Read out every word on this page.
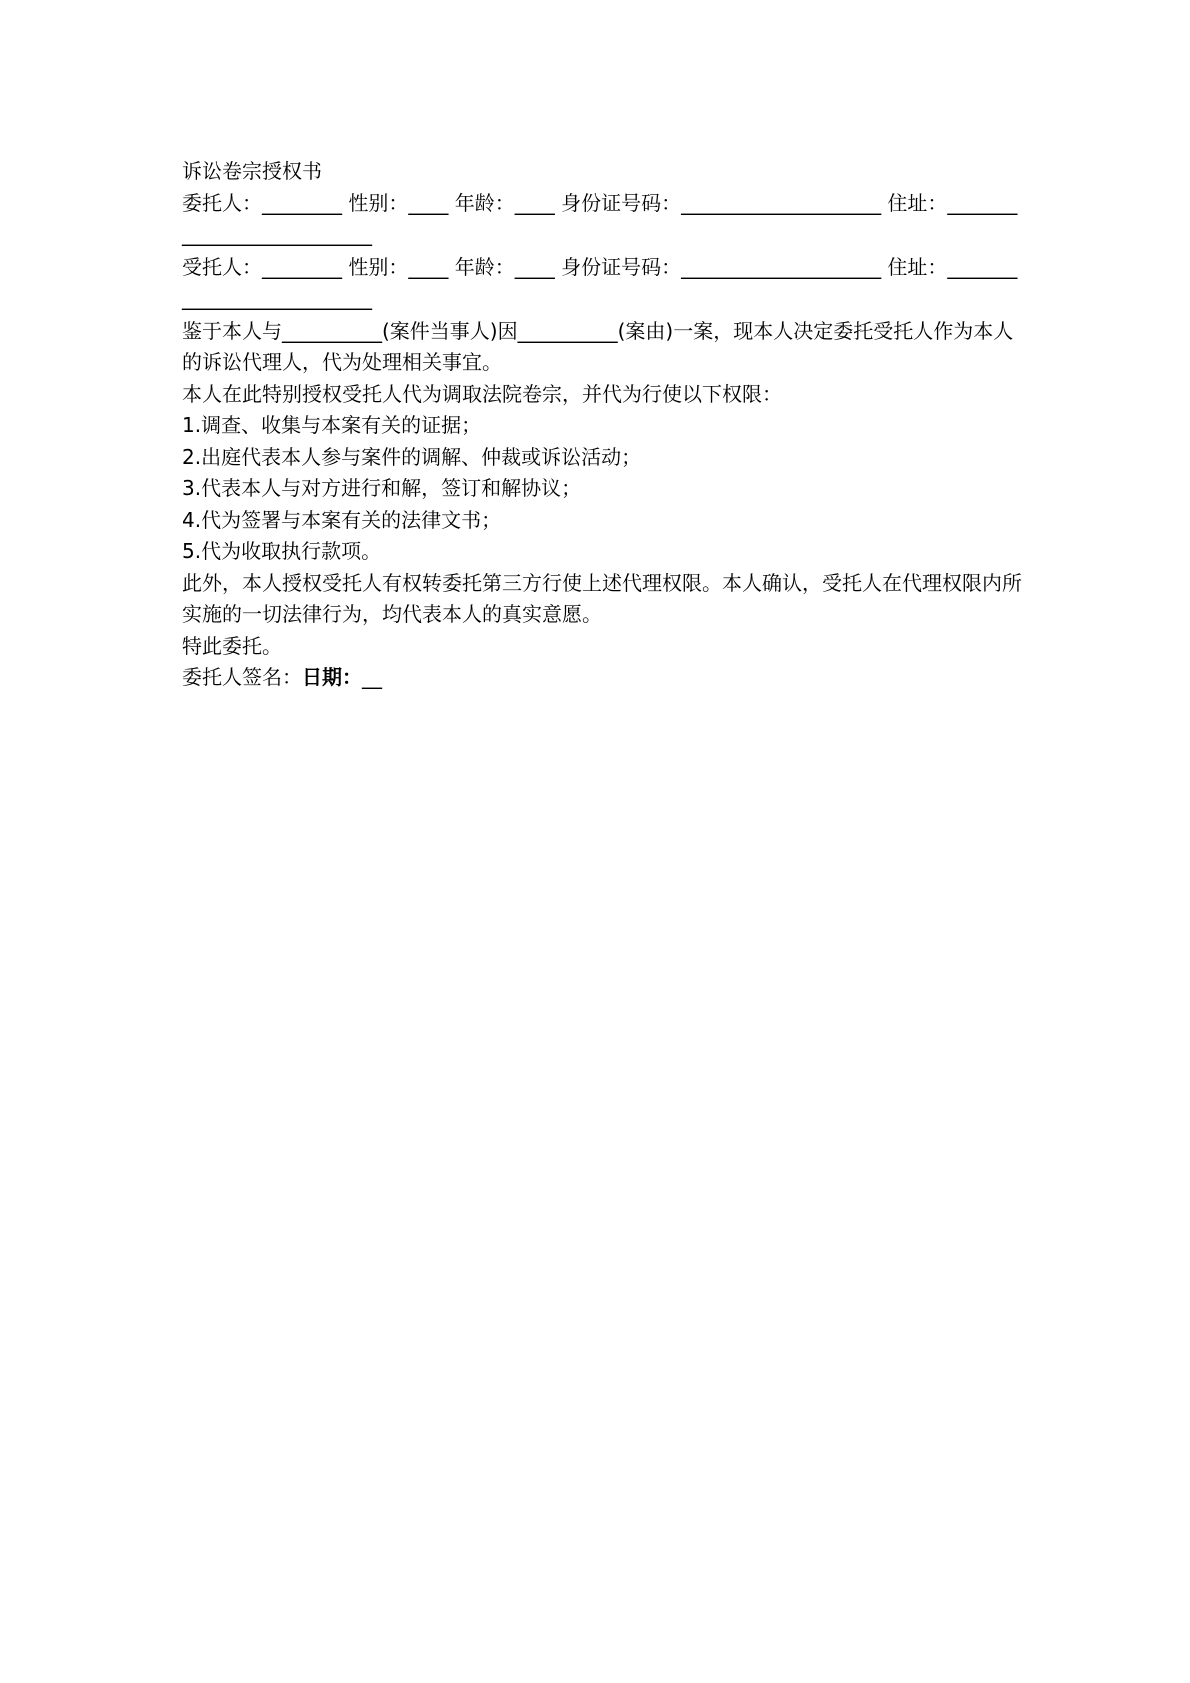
诉讼卷宗授权书

委托人：________ 性别：____ 年龄：____ 身份证号码：____________________ 住址：__________________________

受托人：________ 性别：____ 年龄：____ 身份证号码：____________________ 住址：__________________________

鉴于本人与__________(案件当事人)因__________(案由)一案，现本人决定委托受托人作为本人的诉讼代理人，代为处理相关事宜。

本人在此特别授权受托人代为调取法院卷宗，并代为行使以下权限：

1.调查、收集与本案有关的证据；

2.出庭代表本人参与案件的调解、仲裁或诉讼活动；

3.代表本人与对方进行和解，签订和解协议；

4.代为签署与本案有关的法律文书；

5.代为收取执行款项。

此外，本人授权受托人有权转委托第三方行使上述代理权限。本人确认，受托人在代理权限内所实施的一切法律行为，均代表本人的真实意愿。

特此委托。

委托人签名：日期：__
